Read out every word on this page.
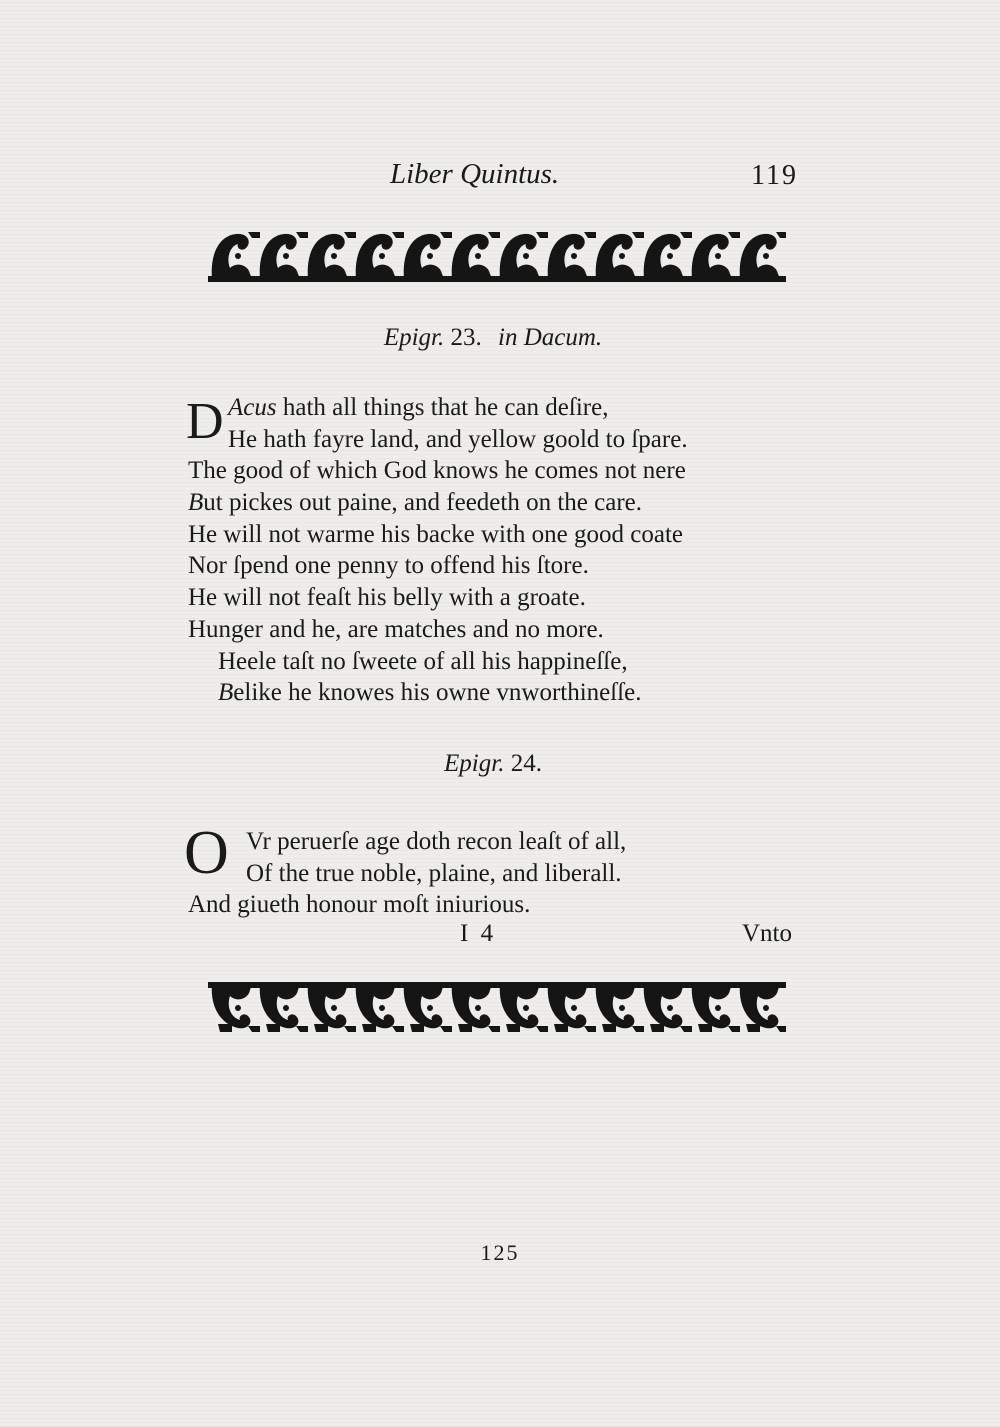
Liber Quintus.	119
Epigr. 23. in Dacum.
D Acus hath all things that he can deſire,
He hath fayre land, and yellow goold to ſpare.
The good of which God knows he comes not nere
But pickes out paine, and feedeth on the care.
He will not warme his backe with one good coate
Nor ſpend one penny to offend his ſtore.
He will not feaſt his belly with a groate.
Hunger and he, are matches and no more.
Heele taſt no ſweete of all his happineſſe,
Belike he knowes his owne vnworthineſſe.
Epigr. 24.
O Vr peruerſe age doth recon leaſt of all,
Of the true noble, plaine, and liberall.
And giueth honour moſt iniurious.
I 4	Vnto
125
